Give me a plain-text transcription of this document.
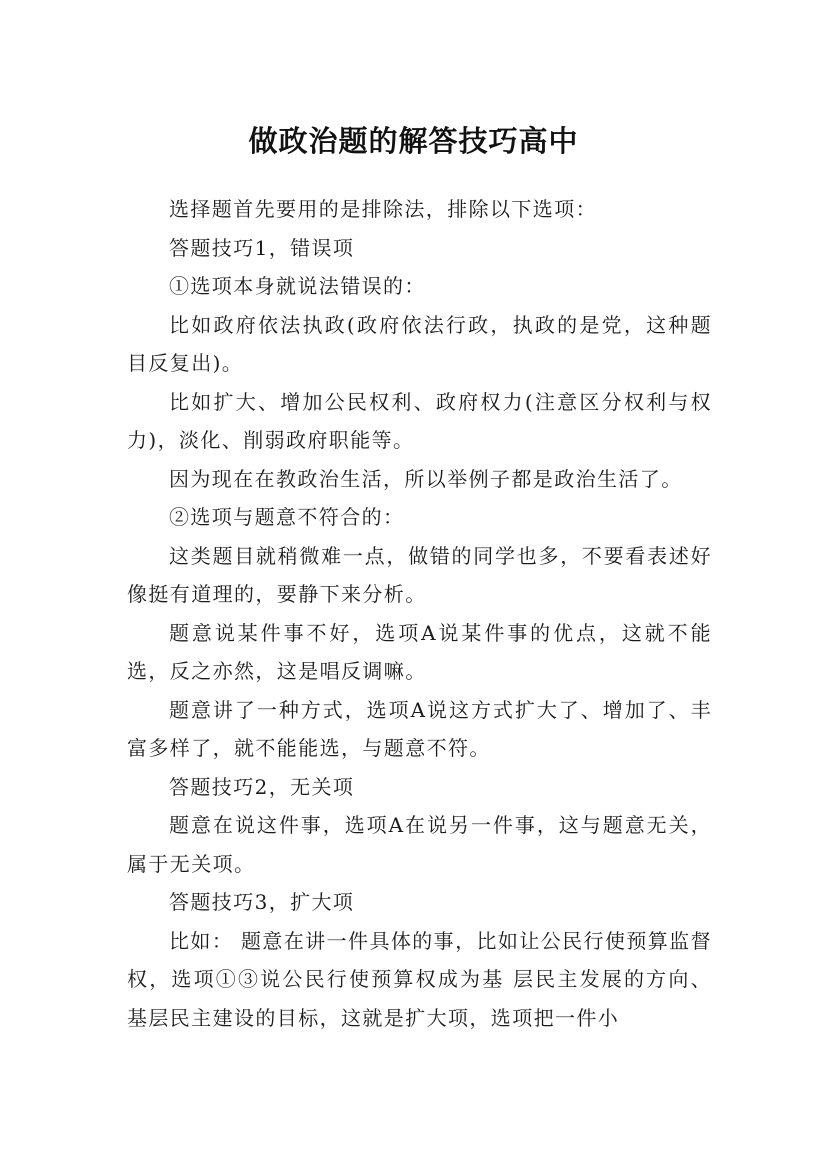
做政治题的解答技巧高中

选择题首先要用的是排除法，排除以下选项：

答题技巧1，错误项

①选项本身就说法错误的：

比如政府依法执政(政府依法行政，执政的是党，这种题目反复出)。

比如扩大、增加公民权利、政府权力(注意区分权利与权力)，淡化、削弱政府职能等。

因为现在在教政治生活，所以举例子都是政治生活了。

②选项与题意不符合的：

这类题目就稍微难一点，做错的同学也多，不要看表述好像挺有道理的，要静下来分析。

题意说某件事不好，选项A说某件事的优点，这就不能选，反之亦然，这是唱反调嘛。

题意讲了一种方式，选项A说这方式扩大了、增加了、丰富多样了，就不能能选，与题意不符。

答题技巧2，无关项

题意在说这件事，选项A在说另一件事，这与题意无关，属于无关项。

答题技巧3，扩大项

比如： 题意在讲一件具体的事，比如让公民行使预算监督权，选项①③说公民行使预算权成为基 层民主发展的方向、基层民主建设的目标，这就是扩大项，选项把一件小
